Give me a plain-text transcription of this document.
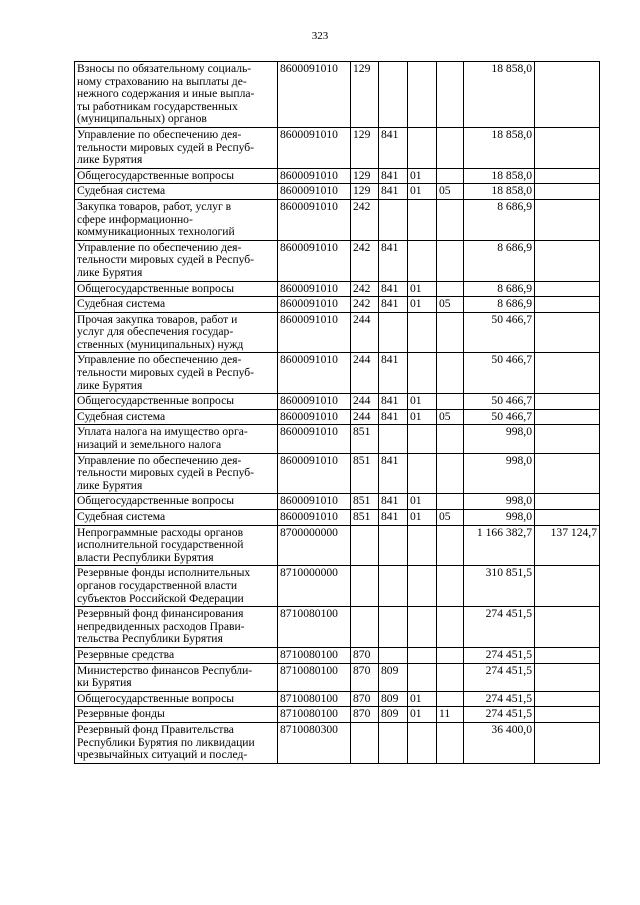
323
Взносы по обязательному социаль-
ному страхованию на выплаты де-
нежного содержания и иные выпла-
ты работникам государственных
(муниципальных) органов	8600091010	129				18 858,0	
Управление по обеспечению дея-
тельности мировых судей в Респуб-
лике Бурятия	8600091010	129	841			18 858,0	
Общегосударственные вопросы	8600091010	129	841	01		18 858,0	
Судебная система	8600091010	129	841	01	05	18 858,0	
Закупка товаров, работ, услуг в
сфере информационно-
коммуникационных технологий	8600091010	242				8 686,9	
Управление по обеспечению дея-
тельности мировых судей в Респуб-
лике Бурятия	8600091010	242	841			8 686,9	
Общегосударственные вопросы	8600091010	242	841	01		8 686,9	
Судебная система	8600091010	242	841	01	05	8 686,9	
Прочая закупка товаров, работ и
услуг для обеспечения государ-
ственных (муниципальных) нужд	8600091010	244				50 466,7	
Управление по обеспечению дея-
тельности мировых судей в Респуб-
лике Бурятия	8600091010	244	841			50 466,7	
Общегосударственные вопросы	8600091010	244	841	01		50 466,7	
Судебная система	8600091010	244	841	01	05	50 466,7	
Уплата налога на имущество орга-
низаций и земельного налога	8600091010	851				998,0	
Управление по обеспечению дея-
тельности мировых судей в Респуб-
лике Бурятия	8600091010	851	841			998,0	
Общегосударственные вопросы	8600091010	851	841	01		998,0	
Судебная система	8600091010	851	841	01	05	998,0	
Непрограммные расходы органов
исполнительной государственной
власти Республики Бурятия	8700000000					1 166 382,7	137 124,7
Резервные фонды исполнительных
органов государственной власти
субъектов Российской Федерации	8710000000					310 851,5	
Резервный фонд финансирования
непредвиденных расходов Прави-
тельства Республики Бурятия	8710080100					274 451,5	
Резервные средства	8710080100	870				274 451,5	
Министерство финансов Республи-
ки Бурятия	8710080100	870	809			274 451,5	
Общегосударственные вопросы	8710080100	870	809	01		274 451,5	
Резервные фонды	8710080100	870	809	01	11	274 451,5	
Резервный фонд Правительства
Республики Бурятия по ликвидации
чрезвычайных ситуаций и послед-	8710080300					36 400,0	
